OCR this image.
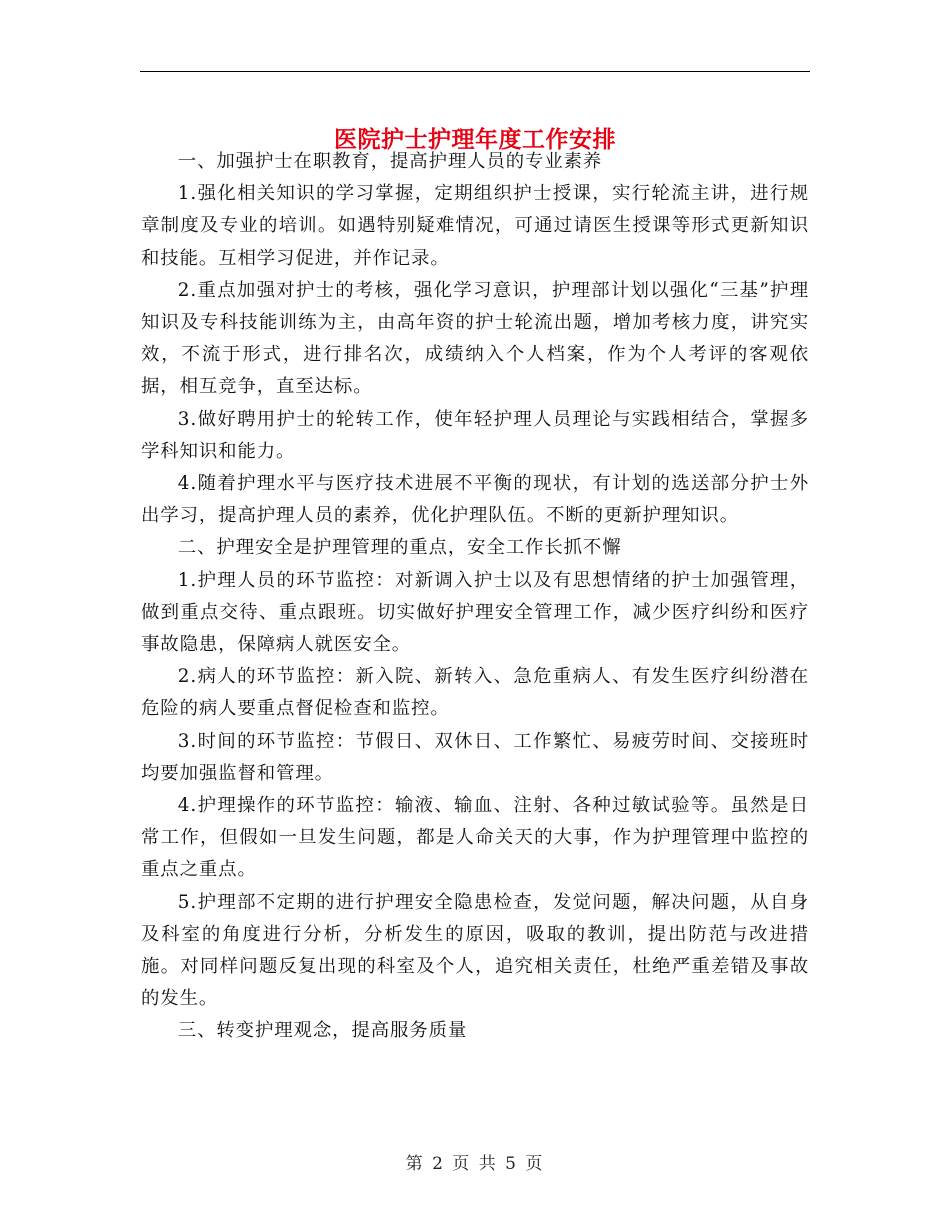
医院护士护理年度工作安排

一、加强护士在职教育，提高护理人员的专业素养

1.强化相关知识的学习掌握，定期组织护士授课，实行轮流主讲，进行规章制度及专业的培训。如遇特别疑难情况，可通过请医生授课等形式更新知识和技能。互相学习促进，并作记录。

2.重点加强对护士的考核，强化学习意识，护理部计划以强化“三基”护理知识及专科技能训练为主，由高年资的护士轮流出题，增加考核力度，讲究实效，不流于形式，进行排名次，成绩纳入个人档案，作为个人考评的客观依据，相互竞争，直至达标。

3.做好聘用护士的轮转工作，使年轻护理人员理论与实践相结合，掌握多学科知识和能力。

4.随着护理水平与医疗技术进展不平衡的现状，有计划的选送部分护士外出学习，提高护理人员的素养，优化护理队伍。不断的更新护理知识。

二、护理安全是护理管理的重点，安全工作长抓不懈

1.护理人员的环节监控：对新调入护士以及有思想情绪的护士加强管理，做到重点交待、重点跟班。切实做好护理安全管理工作，减少医疗纠纷和医疗事故隐患，保障病人就医安全。

2.病人的环节监控：新入院、新转入、急危重病人、有发生医疗纠纷潜在危险的病人要重点督促检查和监控。

3.时间的环节监控：节假日、双休日、工作繁忙、易疲劳时间、交接班时均要加强监督和管理。

4.护理操作的环节监控：输液、输血、注射、各种过敏试验等。虽然是日常工作，但假如一旦发生问题，都是人命关天的大事，作为护理管理中监控的重点之重点。

5.护理部不定期的进行护理安全隐患检查，发觉问题，解决问题，从自身及科室的角度进行分析，分析发生的原因，吸取的教训，提出防范与改进措施。对同样问题反复出现的科室及个人，追究相关责任，杜绝严重差错及事故的发生。

三、转变护理观念，提高服务质量

第 2 页 共 5 页
